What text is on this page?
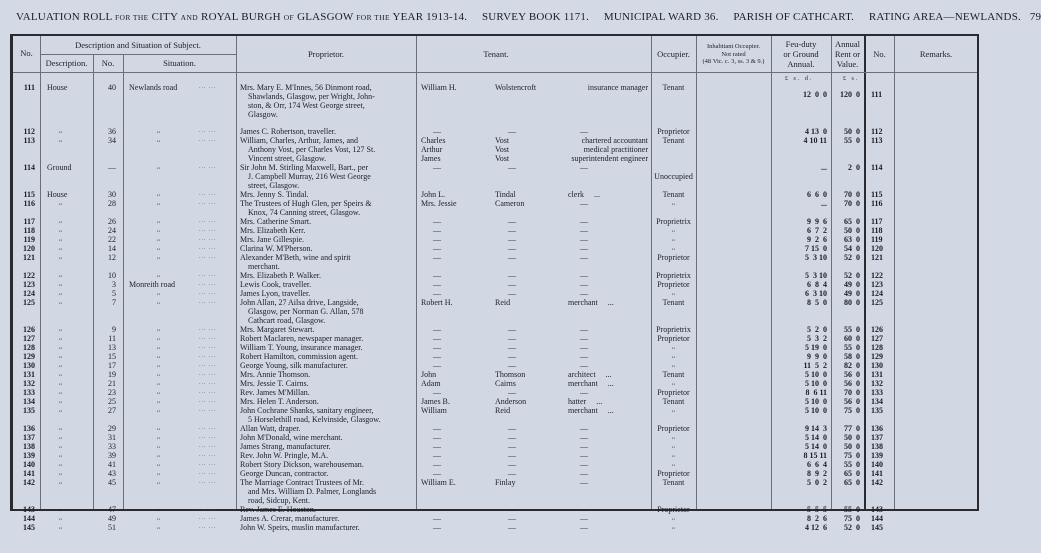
VALUATION ROLL FOR THE CITY AND ROYAL BURGH OF GLASGOW FOR THE YEAR 1913-14. SURVEY BOOK 1171. MUNICIPAL WARD 36. PARISH OF CATHCART. RATING AREA—NEWLANDS. 79
No.
Description and Situation of Subject.
Description.	No.	Situation.
Proprietor.	Tenant.	Occupier.
Inhabitant Occupier.
Not rated
(48 Vic. c. 3, ss. 3 & 9.)
Feu-duty
or Ground
Annual.
Annual
Rent or
Value.
No.	Remarks.
£ s. d.	£ s.
111 House	40 Newlands road	... ...	Mrs. Mary E. M'Innes, 56 Dinmont road,
Shawlands, Glasgow, per Wright, John-
ston, & Orr, 174 West George street,
Glasgow.
William H.	Wolstencroft	insurance manager	Tenant
12  0  0 120  0 111
112	,,	36	,,	... ...	James C. Robertson, traveller.	—	—	—	Proprietor	4 13  0 50  0 112
113	,,	34	,,	... ...	William, Charles, Arthur, James, and
Anthony Vost, per Charles Vost, 127 St.
Vincent street, Glasgow.
Charles	Vost	chartered accountant
Arthur	Vost	medical practitioner
James	Vost	superintendent engineer
Tenant	4 10 11 55  0 113
114 Ground	—	,,	... ...	Sir John M. Stirling Maxwell, Bart., per
J. Campbell Murray, 216 West George
street, Glasgow.
—	—	—
Unoccupied
...	2  0 114
115 House	30	,,	... ...	Mrs. Jenny S. Tindal.	John L.	Tindal	clerk     ...	Tenant	6  6  0 70  0 115
116	,,	28	,,	... ...	The Trustees of Hugh Glen, per Speirs &
Knox, 74 Canning street, Glasgow.
Mrs. Jessie	Cameron	—	,,	... 70  0 116
117	,,	26	,,	... ...	Mrs. Catherine Smart.	—	—	—	Proprietrix	9  9  6 65  0 117
118	,,	24	,,	... ...	Mrs. Elizabeth Kerr.	—	—	—	,,	6  7  2 50  0 118
119	,,	22	,,	... ...	Mrs. Jane Gillespie.	—	—	—	,,	9  2  6 63  0 119
120	,,	14	,,	... ...	Clarina W. M'Pherson.	—	—	—	,,	7 15  0 54  0 120
121	,,	12	,,	... ...	Alexander M'Beth, wine and spirit
merchant.
—	—	—	Proprietor	5  3 10 52  0 121
122	,,	10	,,	... ...	Mrs. Elizabeth P. Walker.	—	—	—	Proprietrix	5  3 10 52  0 122
123	,,	3 Monreith road	... ...	Lewis Cook, traveller.	—	—	—	Proprietor	6  8  4 49  0 123
124	,,	5	,,	... ...	James Lyon, traveller.	—	—	—	,,	6  3 10 49  0 124
125	,,	7	,,	... ...	John Allan, 27 Ailsa drive, Langside,
Glasgow, per Norman G. Allan, 578
Cathcart road, Glasgow.
Robert H.	Reid	merchant     ...	Tenant	8  5  0 80  0 125
126	,,	9	,,	... ...	Mrs. Margaret Stewart.	—	—	—	Proprietrix	5  2  0 55  0 126
127	,,	11	,,	... ...	Robert Maclaren, newspaper manager.	—	—	—	Proprietor	5  3  2 60  0 127
128	,,	13	,,	... ...	William T. Young, insurance manager.	—	—	—	,,	5 19  0 55  0 128
129	,,	15	,,	... ...	Robert Hamilton, commission agent.	—	—	—	,,	9  9  0 58  0 129
130	,,	17	,,	... ...	George Young, silk manufacturer.	—	—	—	,,	11  5  2 82  0 130
131	,,	19	,,	... ...	Mrs. Annie Thomson.	John	Thomson	architect     ...	Tenant	5 10  0 56  0 131
132	,,	21	,,	... ...	Mrs. Jessie T. Cairns.	Adam	Cairns	merchant     ...	,,	5 10  0 56  0 132
133	,,	23	,,	... ...	Rev. James M'Millan.	—	—	—	Proprietor	8  6 11 70  0 133
134	,,	25	,,	... ...	Mrs. Helen T. Anderson.	James B.	Anderson	hatter     ...	Tenant	5 10  0 56  0 134
135	,,	27	,,	... ...	John Cochrane Shanks, sanitary engineer,
5 Horselethill road, Kelvinside, Glasgow.
William	Reid	merchant     ...	,,	5 10  0 75  0 135
136	,,	29	,,	... ...	Allan Watt, draper.	—	—	—	Proprietor	9 14  3 77  0 136
137	,,	31	,,	... ...	John M'Donald, wine merchant.	—	—	—	,,	5 14  0 50  0 137
138	,,	33	,,	... ...	James Strang, manufacturer.	—	—	—	,,	5 14  0 50  0 138
139	,,	39	,,	... ...	Rev. John W. Pringle, M.A.	—	—	—	,,	8 15 11 75  0 139
140	,,	41	,,	... ...	Robert Story Dickson, warehouseman.	—	—	—	,,	6  6  4 55  0 140
141	,,	43	,,	... ...	George Duncan, contractor.	—	—	—	Proprietor	8  9  2 65  0 141
142	,,	45	,,	... ...	The Marriage Contract Trustees of Mr.
and Mrs. William D. Palmer, Longlands
road, Sidcup, Kent.
William E.	Finlay	—	Tenant	5  0  2 65  0 142
143	,,	47	,,	... ...	Rev. James E. Houston.	—	—	—	Proprietor	5  5  5 55  0 143
144	,,	49	,,	... ...	James A. Crerar, manufacturer.	—	—	—	,,	8  2  6 75  0 144
145	,,	51	,,	... ...	John W. Speirs, muslin manufacturer.	—	—	—	,,	4 12  6 52  0 145
